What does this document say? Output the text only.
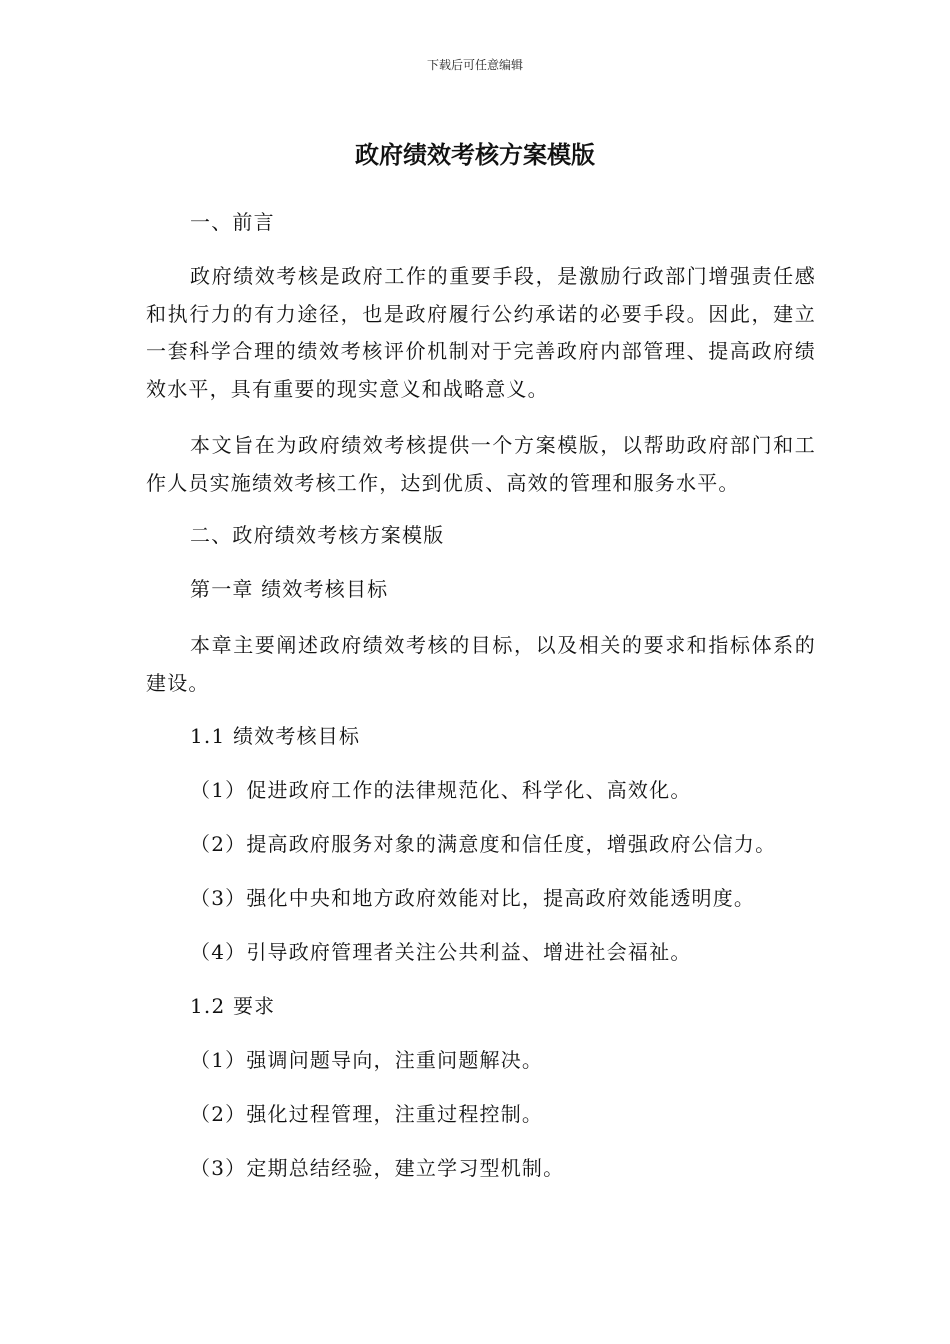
下载后可任意编辑
政府绩效考核方案模版
一、前言

政府绩效考核是政府工作的重要手段，是激励行政部门增强责任感和执行力的有力途径，也是政府履行公约承诺的必要手段。因此，建立一套科学合理的绩效考核评价机制对于完善政府内部管理、提高政府绩效水平，具有重要的现实意义和战略意义。

本文旨在为政府绩效考核提供一个方案模版，以帮助政府部门和工作人员实施绩效考核工作，达到优质、高效的管理和服务水平。

二、政府绩效考核方案模版
第一章 绩效考核目标

本章主要阐述政府绩效考核的目标，以及相关的要求和指标体系的建设。

1.1 绩效考核目标
（1）促进政府工作的法律规范化、科学化、高效化。
（2）提高政府服务对象的满意度和信任度，增强政府公信力。
（3）强化中央和地方政府效能对比，提高政府效能透明度。
（4）引导政府管理者关注公共利益、增进社会福祉。
1.2 要求
（1）强调问题导向，注重问题解决。
（2）强化过程管理，注重过程控制。
（3）定期总结经验，建立学习型机制。
